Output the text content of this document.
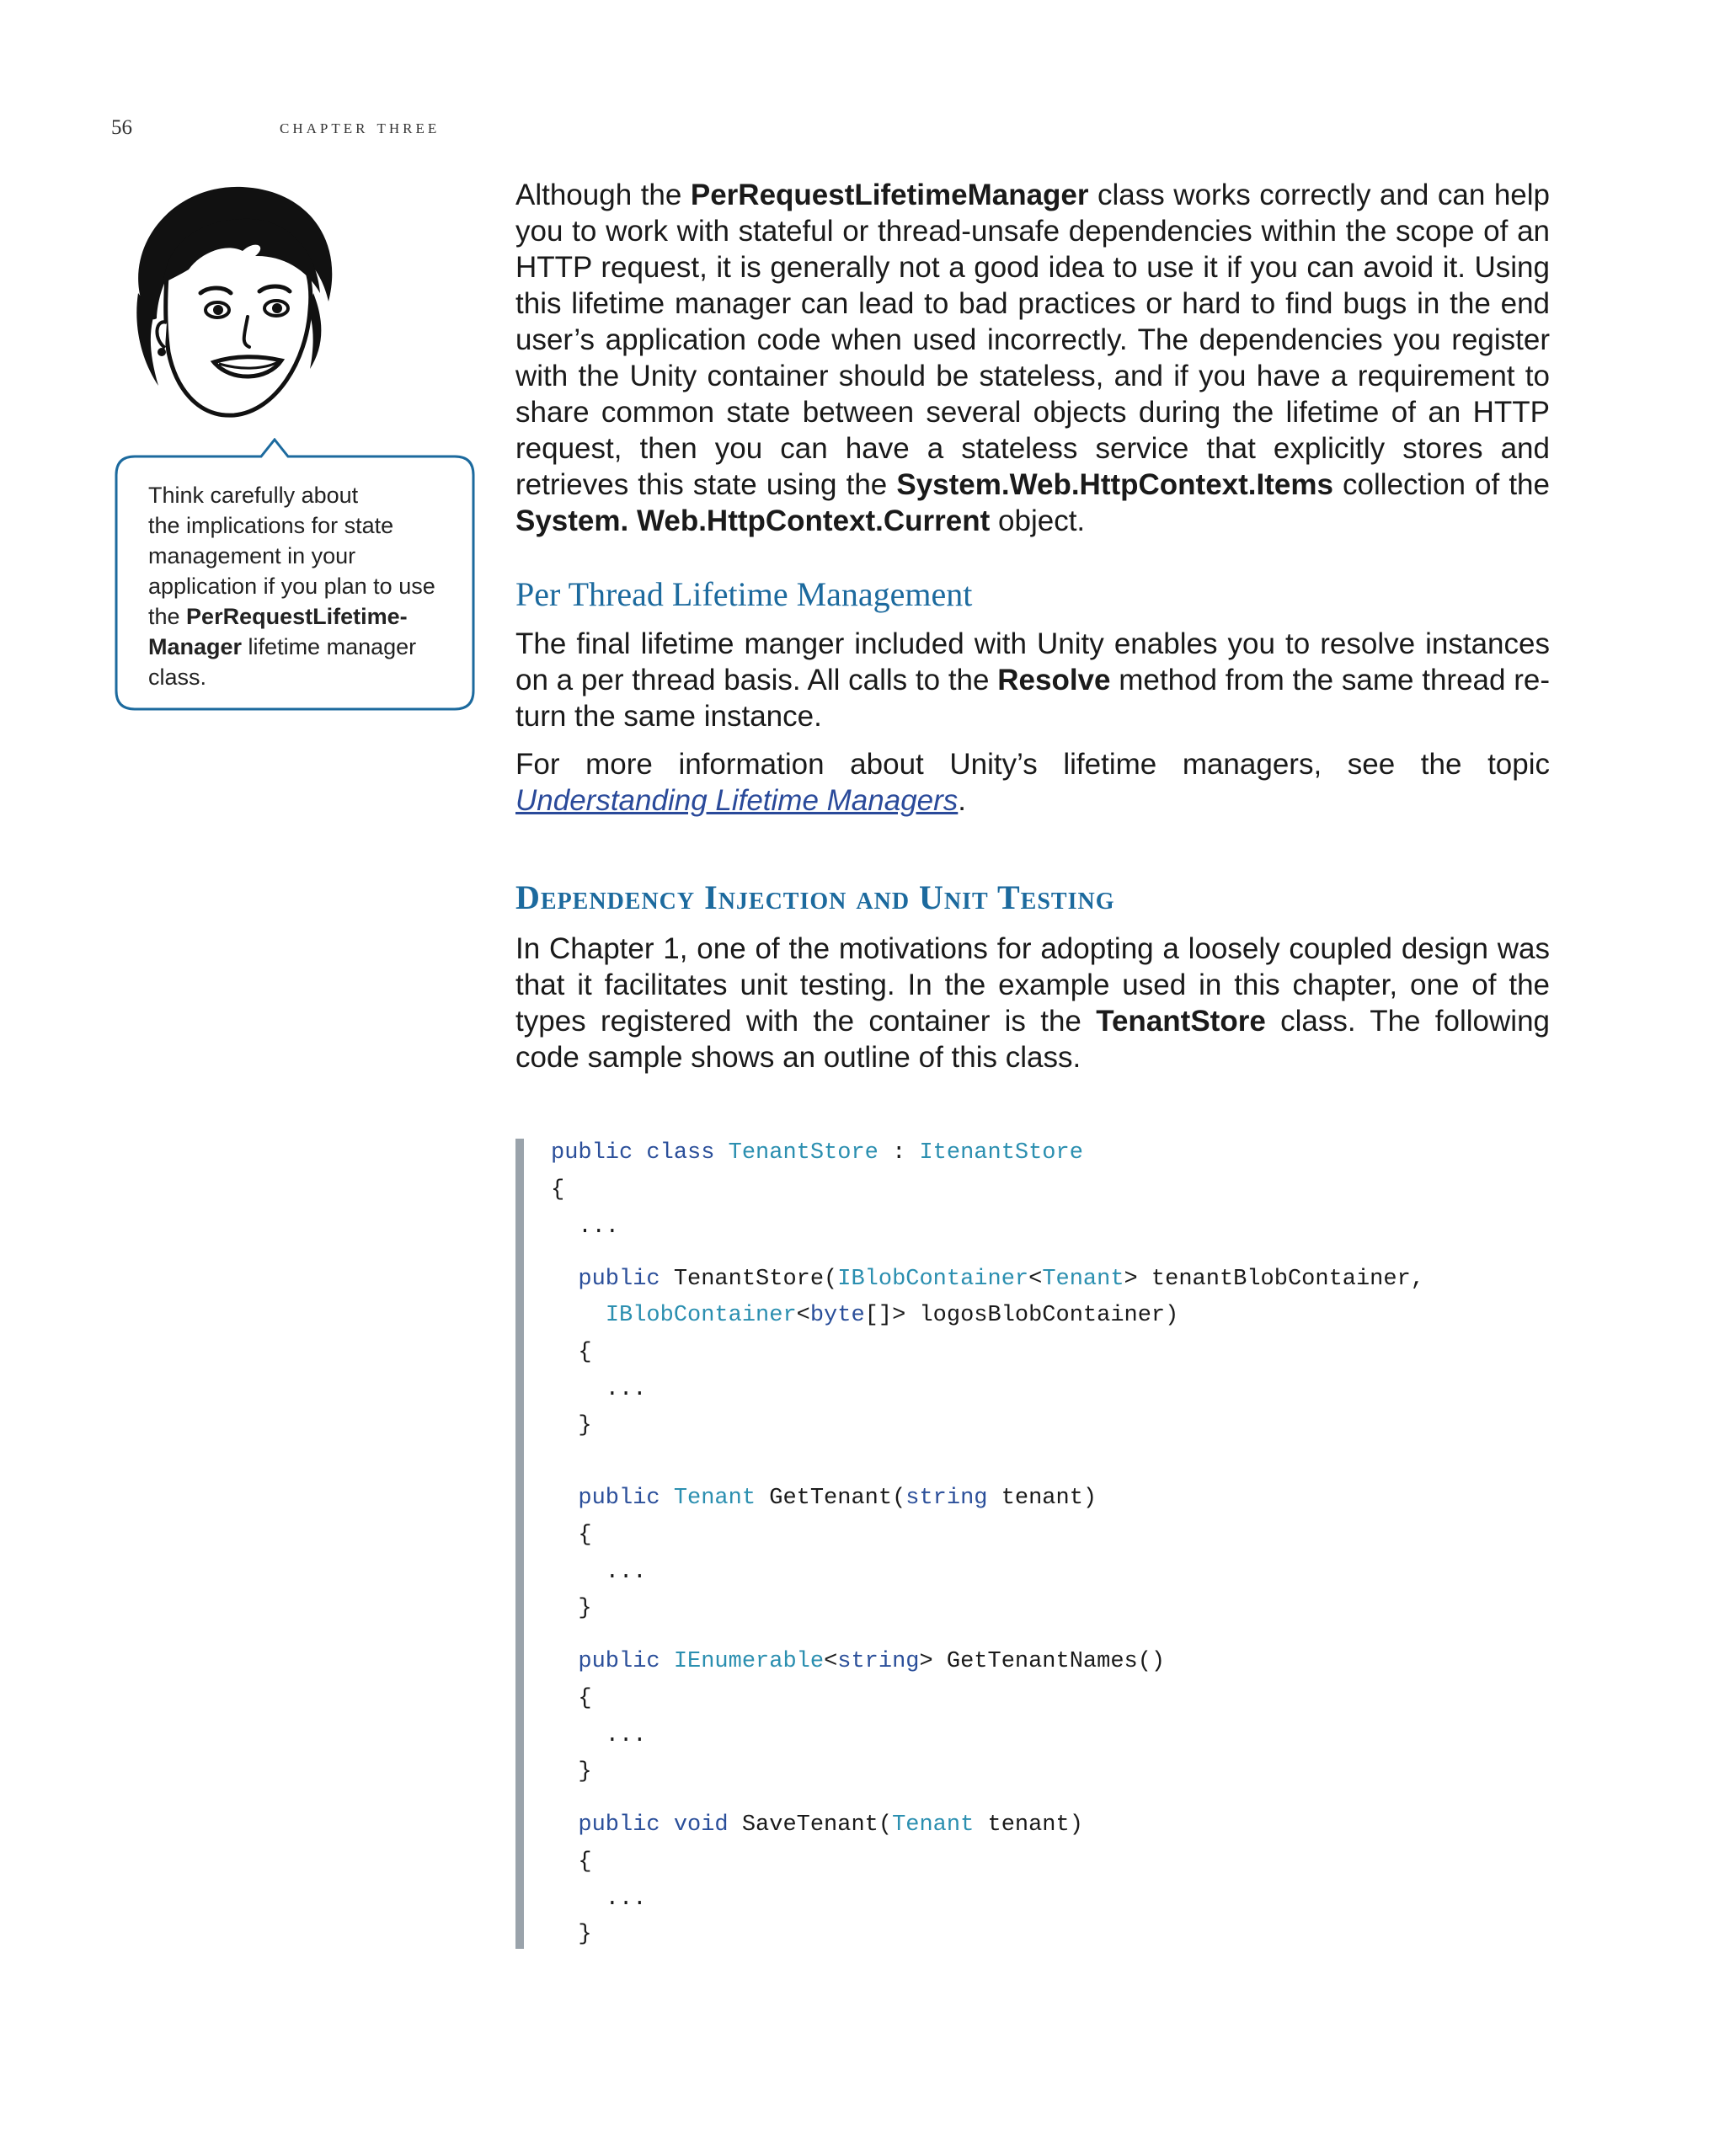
56	chapter three
Think carefully about
the implications for state
management in your
application if you plan to use
the PerRequestLifetime-
Manager lifetime manager
class.

Although the PerRequestLifetimeManager class works correctly and can help you to work with stateful or thread-unsafe dependencies within the scope of an HTTP request, it is generally not a good idea to use it if you can avoid it. Using this lifetime manager can lead to bad practices or hard to find bugs in the end user’s application code when used incorrectly. The dependencies you register with the Unity container should be stateless, and if you have a requirement to share common state between several objects during the lifetime of an HTTP request, then you can have a stateless service that explicitly stores and retrieves this state using the System.Web.HttpContext.Items collection of the System. Web.HttpContext.Current object.

Per Thread Lifetime Management

The final lifetime manger included with Unity enables you to resolve instances on a per thread basis. All calls to the Resolve method from the same thread return the same instance.

For more information about Unity’s lifetime managers, see the topic Understanding Lifetime Managers.

Dependency Injection and Unit Testing

In Chapter 1, one of the motivations for adopting a loosely coupled design was that it facilitates unit testing. In the example used in this chapter, one of the types registered with the container is the TenantStore class. The following code sample shows an outline of this class.

public class TenantStore : ItenantStore
{
...
public TenantStore(IBlobContainer<Tenant> tenantBlobContainer,
IBlobContainer<byte[]> logosBlobContainer)
{
...
}
public Tenant GetTenant(string tenant)
{
...
}
public IEnumerable<string> GetTenantNames()
{
...
}
public void SaveTenant(Tenant tenant)
{
...
}
